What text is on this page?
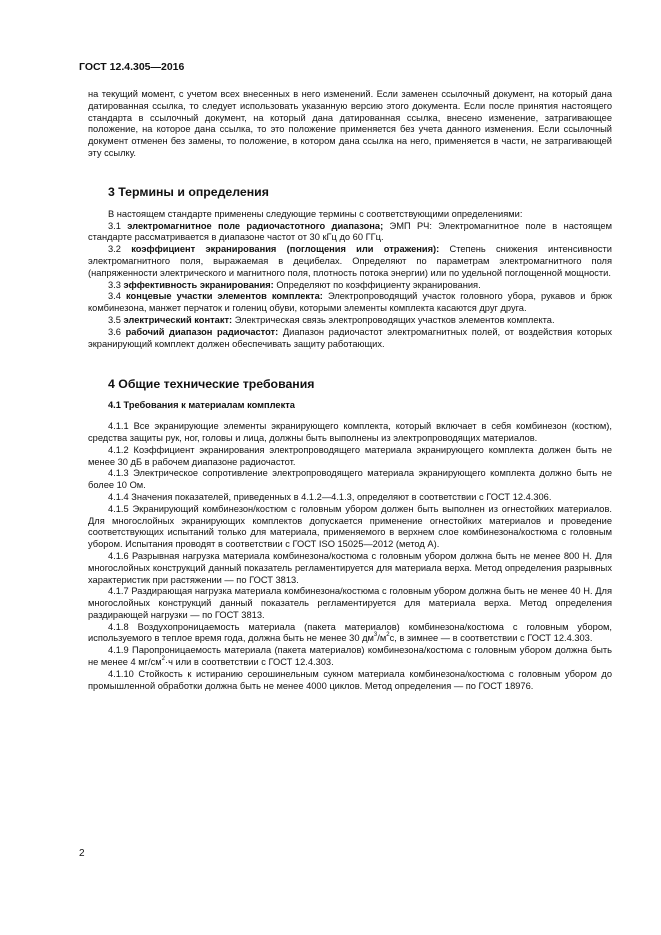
ГОСТ 12.4.305—2016

на текущий момент, с учетом всех внесенных в него изменений. Если заменен ссылочный документ, на который дана датированная ссылка, то следует использовать указанную версию этого документа. Если после принятия настоящего стандарта в ссылочный документ, на который дана датированная ссылка, внесено изменение, затрагивающее положение, на которое дана ссылка, то это положение применяется без учета данного изменения. Если ссылочный документ отменен без замены, то положение, в котором дана ссылка на него, применяется в части, не затрагивающей эту ссылку.

3 Термины и определения

В настоящем стандарте применены следующие термины с соответствующими определениями:

3.1 электромагнитное поле радиочастотного диапазона; ЭМП РЧ: Электромагнитное поле в настоящем стандарте рассматривается в диапазоне частот от 30 кГц до 60 ГГц.

3.2 коэффициент экранирования (поглощения или отражения): Степень снижения интенсивности электромагнитного поля, выражаемая в децибелах. Определяют по параметрам электромагнитного поля (напряженности электрического и магнитного поля, плотность потока энергии) или по удельной поглощенной мощности.

3.3 эффективность экранирования: Определяют по коэффициенту экранирования.

3.4 концевые участки элементов комплекта: Электропроводящий участок головного убора, рукавов и брюк комбинезона, манжет перчаток и голениц обуви, которыми элементы комплекта касаются друг друга.

3.5 электрический контакт: Электрическая связь электропроводящих участков элементов комплекта.

3.6 рабочий диапазон радиочастот: Диапазон радиочастот электромагнитных полей, от воздействия которых экранирующий комплект должен обеспечивать защиту работающих.

4 Общие технические требования

4.1 Требования к материалам комплекта

4.1.1 Все экранирующие элементы экранирующего комплекта, который включает в себя комбинезон (костюм), средства защиты рук, ног, головы и лица, должны быть выполнены из электропроводящих материалов.

4.1.2 Коэффициент экранирования электропроводящего материала экранирующего комплекта должен быть не менее 30 дБ в рабочем диапазоне радиочастот.

4.1.3 Электрическое сопротивление электропроводящего материала экранирующего комплекта должно быть не более 10 Ом.

4.1.4 Значения показателей, приведенных в 4.1.2—4.1.3, определяют в соответствии с ГОСТ 12.4.306.

4.1.5 Экранирующий комбинезон/костюм с головным убором должен быть выполнен из огнестойких материалов. Для многослойных экранирующих комплектов допускается применение огнестойких материалов и проведение соответствующих испытаний только для материала, применяемого в верхнем слое комбинезона/костюма с головным убором. Испытания проводят в соответствии с ГОСТ ISO 15025—2012 (метод А).

4.1.6 Разрывная нагрузка материала комбинезона/костюма с головным убором должна быть не менее 800 Н. Для многослойных конструкций данный показатель регламентируется для материала верха. Метод определения разрывных характеристик при растяжении — по ГОСТ 3813.

4.1.7 Раздирающая нагрузка материала комбинезона/костюма с головным убором должна быть не менее 40 Н. Для многослойных конструкций данный показатель регламентируется для материала верха. Метод определения раздирающей нагрузки — по ГОСТ 3813.

4.1.8 Воздухопроницаемость материала (пакета материалов) комбинезона/костюма с головным убором, используемого в теплое время года, должна быть не менее 30 $дм^3/м^2с$, в зимнее — в соответствии с ГОСТ 12.4.303.

4.1.9 Паропроницаемость материала (пакета материалов) комбинезона/костюма с головным убором должна быть не менее 4 $мг/см^2\cdot ч$ или в соответствии с ГОСТ 12.4.303.

4.1.10 Стойкость к истиранию серошинельным сукном материала комбинезона/костюма с головным убором до промышленной обработки должна быть не менее 4000 циклов. Метод определения — по ГОСТ 18976.

2
